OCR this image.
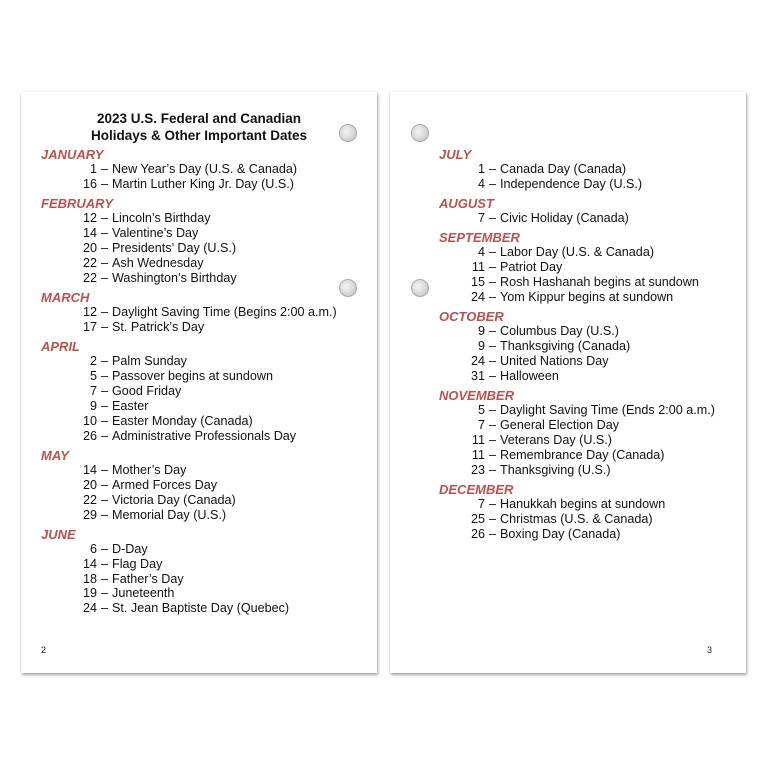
2023 U.S. Federal and Canadian
Holidays & Other Important Dates
JANUARY
1 – New Year’s Day (U.S. & Canada)
16 – Martin Luther King Jr. Day (U.S.)
FEBRUARY
12 – Lincoln’s Birthday
14 – Valentine’s Day
20 – Presidents’ Day (U.S.)
22 – Ash Wednesday
22 – Washington’s Birthday
MARCH
12 – Daylight Saving Time (Begins 2:00 a.m.)
17 – St. Patrick’s Day
APRIL
2 – Palm Sunday
5 – Passover begins at sundown
7 – Good Friday
9 – Easter
10 – Easter Monday (Canada)
26 – Administrative Professionals Day
MAY
14 – Mother’s Day
20 – Armed Forces Day
22 – Victoria Day (Canada)
29 – Memorial Day (U.S.)
JUNE
6 – D-Day
14 – Flag Day
18 – Father’s Day
19 – Juneteenth
24 – St. Jean Baptiste Day (Quebec)
2
JULY
1 – Canada Day (Canada)
4 – Independence Day (U.S.)
AUGUST
7 – Civic Holiday (Canada)
SEPTEMBER
4 – Labor Day (U.S. & Canada)
11 – Patriot Day
15 – Rosh Hashanah begins at sundown
24 – Yom Kippur begins at sundown
OCTOBER
9 – Columbus Day (U.S.)
9 – Thanksgiving (Canada)
24 – United Nations Day
31 – Halloween
NOVEMBER
5 – Daylight Saving Time (Ends 2:00 a.m.)
7 – General Election Day
11 – Veterans Day (U.S.)
11 – Remembrance Day (Canada)
23 – Thanksgiving (U.S.)
DECEMBER
7 – Hanukkah begins at sundown
25 – Christmas (U.S. & Canada)
26 – Boxing Day (Canada)
3
